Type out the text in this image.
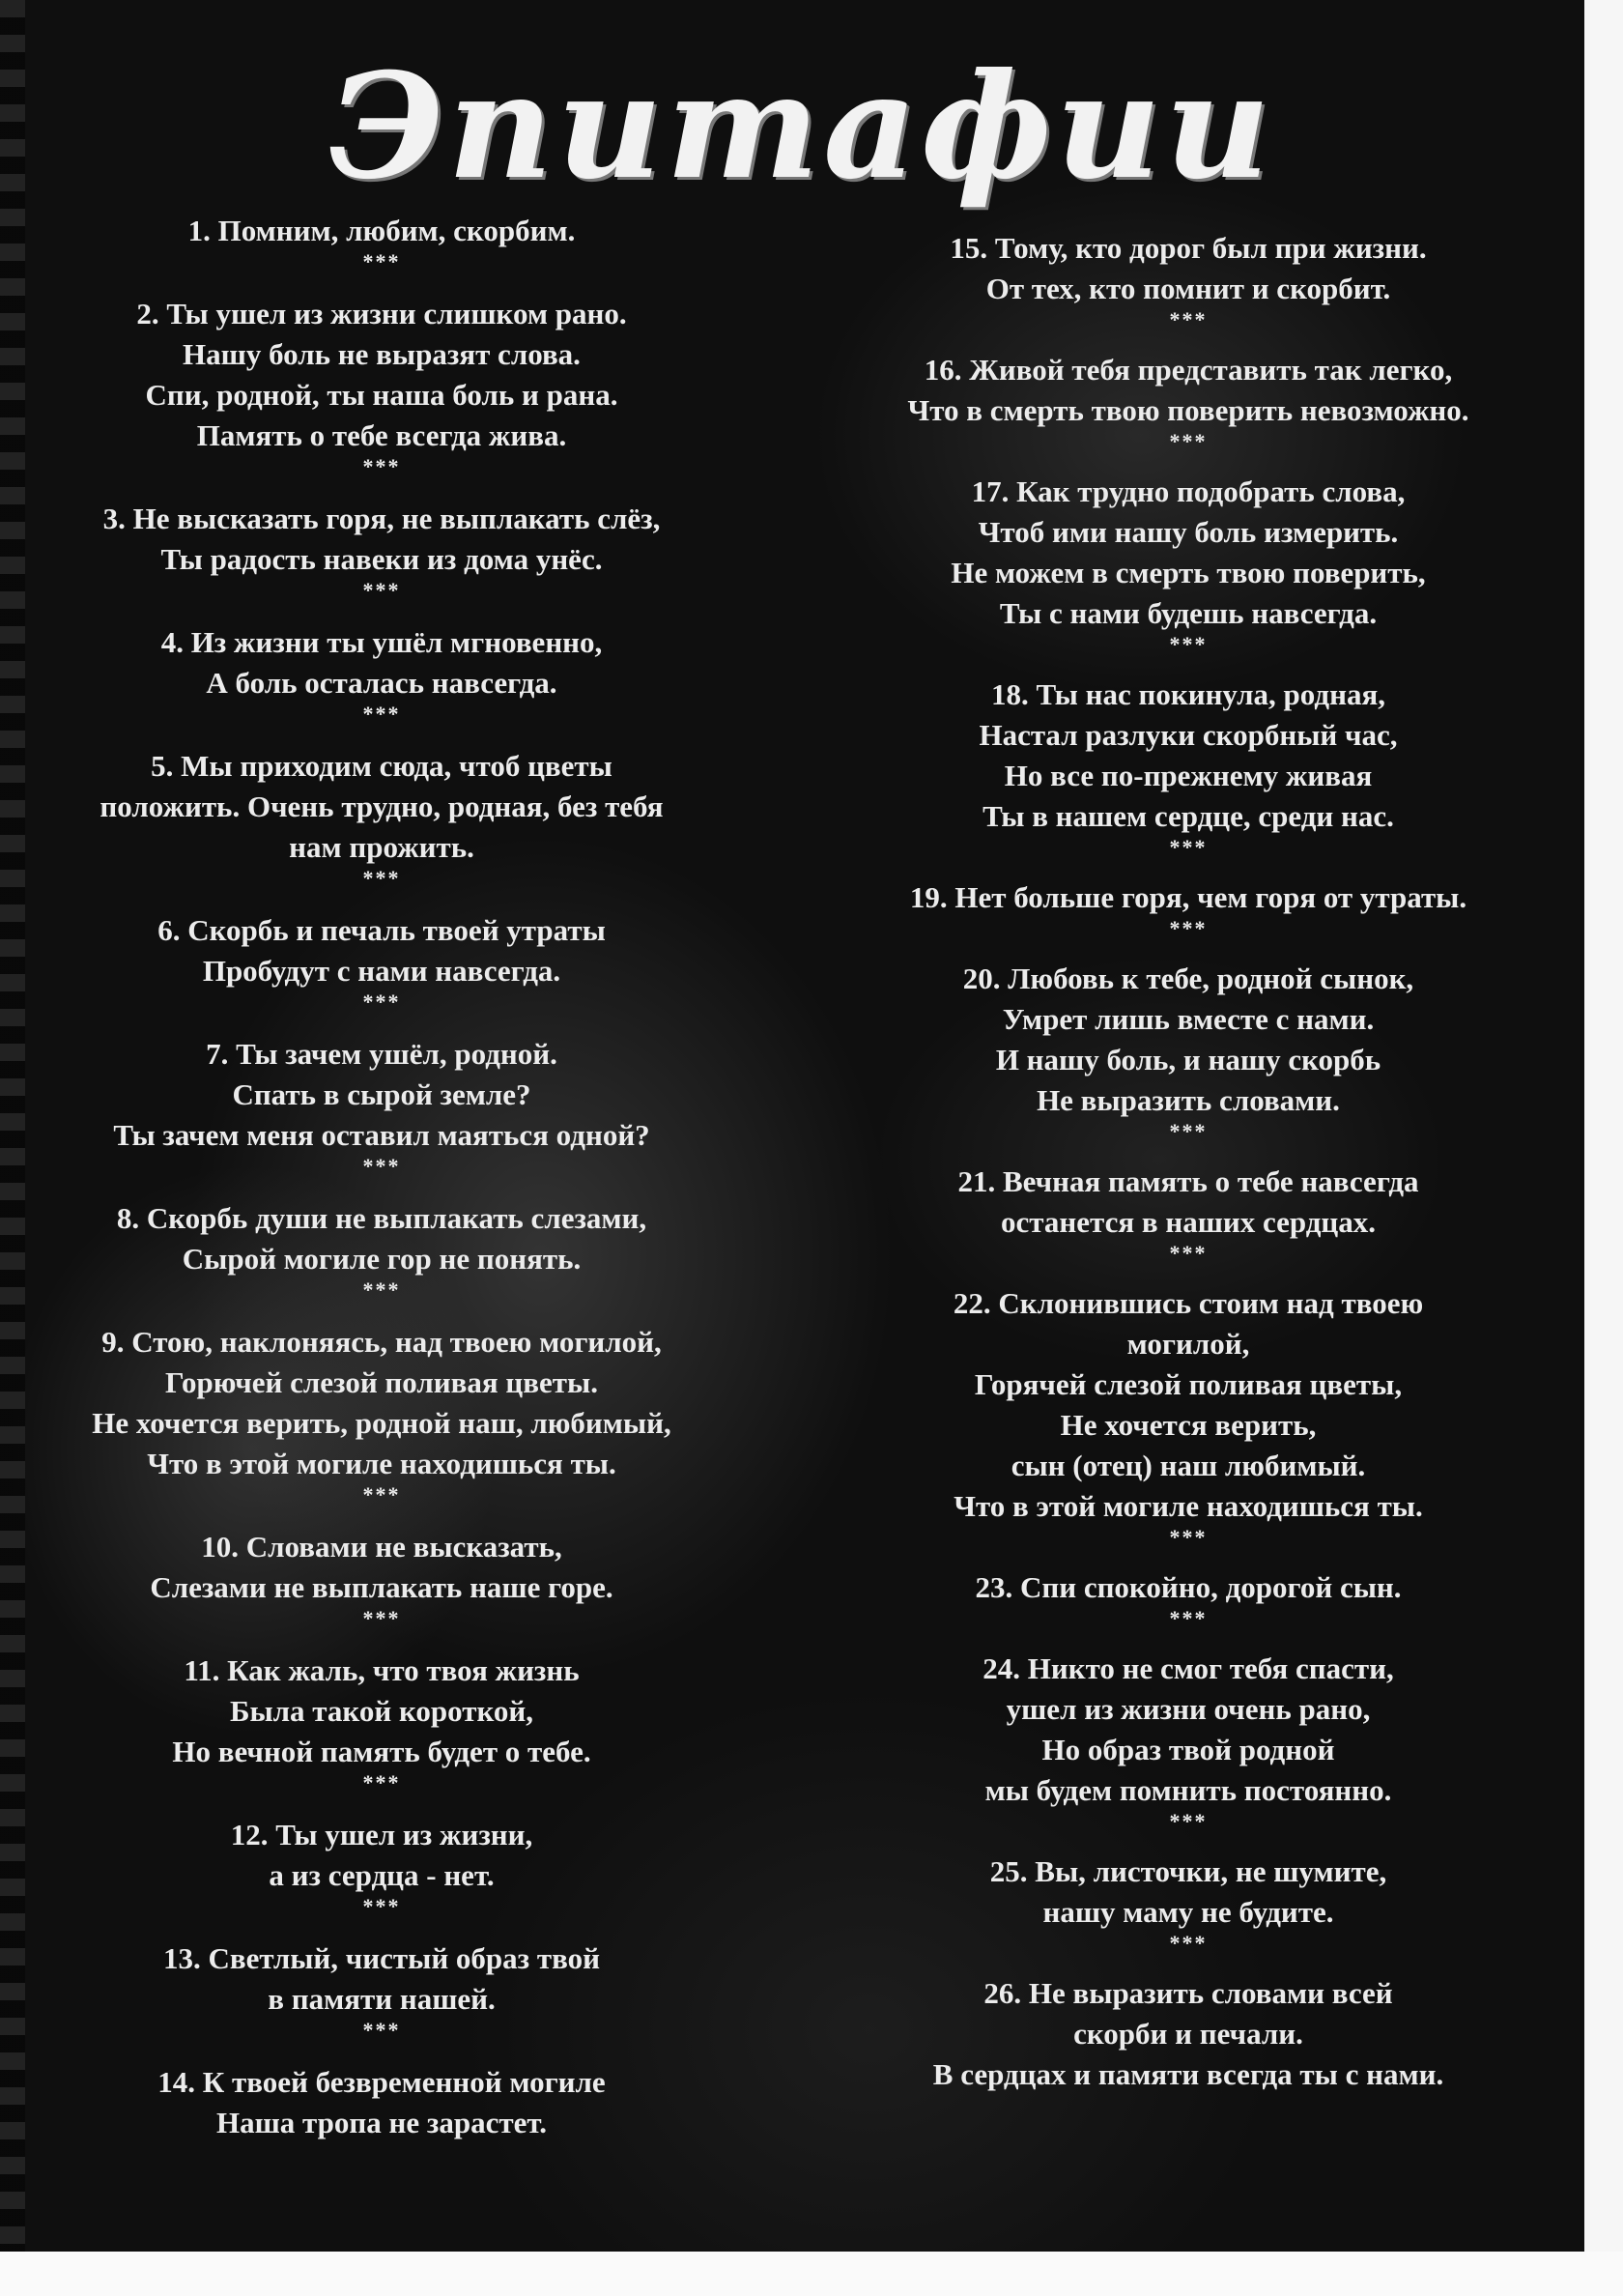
Эпитафии
1. Помним, любим, скорбим.
***
2. Ты ушел из жизни слишком рано.
Нашу боль не выразят слова.
Спи, родной, ты наша боль и рана.
Память о тебе всегда жива.
***
3. Не высказать горя, не выплакать слёз,
Ты радость навеки из дома унёс.
***
4. Из жизни ты ушёл мгновенно,
А боль осталась навсегда.
***
5. Мы приходим сюда, чтоб цветы
положить. Очень трудно, родная, без тебя
нам прожить.
***
6. Скорбь и печаль твоей утраты
Пробудут с нами навсегда.
***
7. Ты зачем ушёл, родной.
Спать в сырой земле?
Ты зачем меня оставил маяться одной?
***
8. Скорбь души не выплакать слезами,
Сырой могиле гор не понять.
***
9. Стою, наклоняясь, над твоею могилой,
Горючей слезой поливая цветы.
Не хочется верить, родной наш, любимый,
Что в этой могиле находишься ты.
***
10. Словами не высказать,
Слезами не выплакать наше горе.
***
11. Как жаль, что твоя жизнь
Была такой короткой,
Но вечной память будет о тебе.
***
12. Ты ушел из жизни,
а из сердца - нет.
***
13. Светлый, чистый образ твой
в памяти нашей.
***
14. К твоей безвременной могиле
Наша тропа не зарастет.
15. Тому, кто дорог был при жизни.
От тех, кто помнит и скорбит.
***
16. Живой тебя представить так легко,
Что в смерть твою поверить невозможно.
***
17. Как трудно подобрать слова,
Чтоб ими нашу боль измерить.
Не можем в смерть твою поверить,
Ты с нами будешь навсегда.
***
18. Ты нас покинула, родная,
Настал разлуки скорбный час,
Но все по-прежнему живая
Ты в нашем сердце, среди нас.
***
19. Нет больше горя, чем горя от утраты.
***
20. Любовь к тебе, родной сынок,
Умрет лишь вместе с нами.
И нашу боль, и нашу скорбь
Не выразить словами.
***
21. Вечная память о тебе навсегда
останется в наших сердцах.
***
22. Склонившись стоим над твоею
могилой,
Горячей слезой поливая цветы,
Не хочется верить,
сын (отец) наш любимый.
Что в этой могиле находишься ты.
***
23. Спи спокойно, дорогой сын.
***
24. Никто не смог тебя спасти,
ушел из жизни очень рано,
Но образ твой родной
мы будем помнить постоянно.
***
25. Вы, листочки, не шумите,
нашу маму не будите.
***
26. Не выразить словами всей
скорби и печали.
В сердцах и памяти всегда ты с нами.
